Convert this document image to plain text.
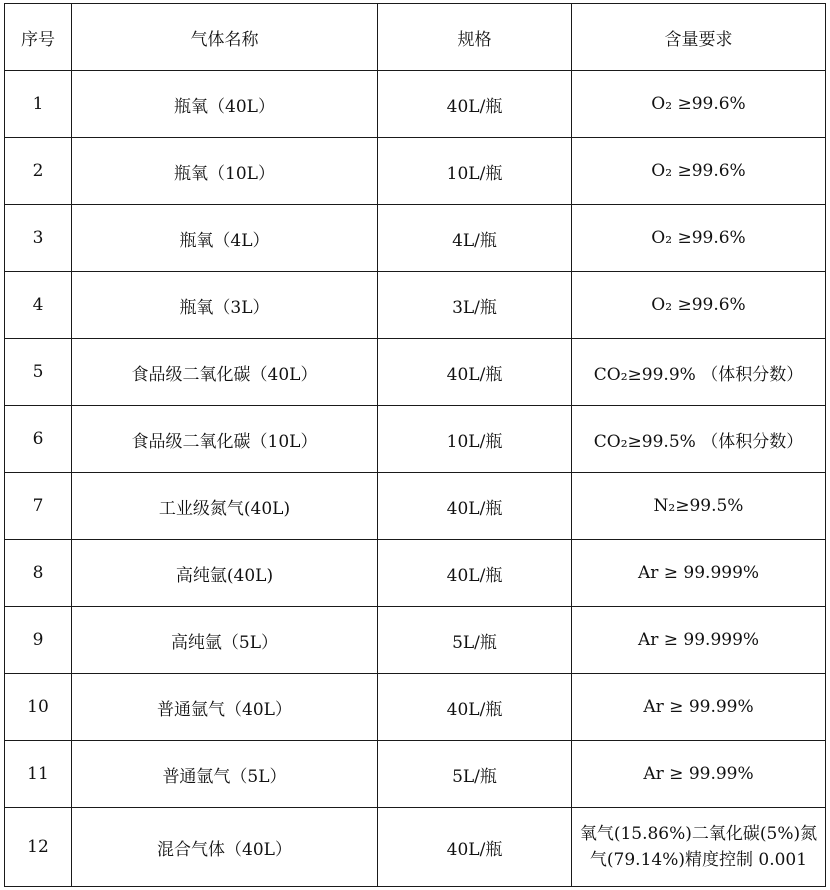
序号	气体名称	规格	含量要求
1	瓶氧（40L）	40L/瓶	O₂ ≥99.6%
2	瓶氧（10L）	10L/瓶	O₂ ≥99.6%
3	瓶氧（4L）	4L/瓶	O₂ ≥99.6%
4	瓶氧（3L）	3L/瓶	O₂ ≥99.6%
5	食品级二氧化碳（40L）	40L/瓶	CO₂≥99.9% （体积分数）
6	食品级二氧化碳（10L）	10L/瓶	CO₂≥99.5% （体积分数）
7	工业级氮气(40L)	40L/瓶	N₂≥99.5%
8	高纯氩(40L)	40L/瓶	Ar ≥ 99.999%
9	高纯氩（5L）	5L/瓶	Ar ≥ 99.999%
10	普通氩气（40L）	40L/瓶	Ar ≥ 99.99%
11	普通氩气（5L）	5L/瓶	Ar ≥ 99.99%
12	混合气体（40L）	40L/瓶	氧气(15.86%)二氧化碳(5%)氮气(79.14%)精度控制 0.001
